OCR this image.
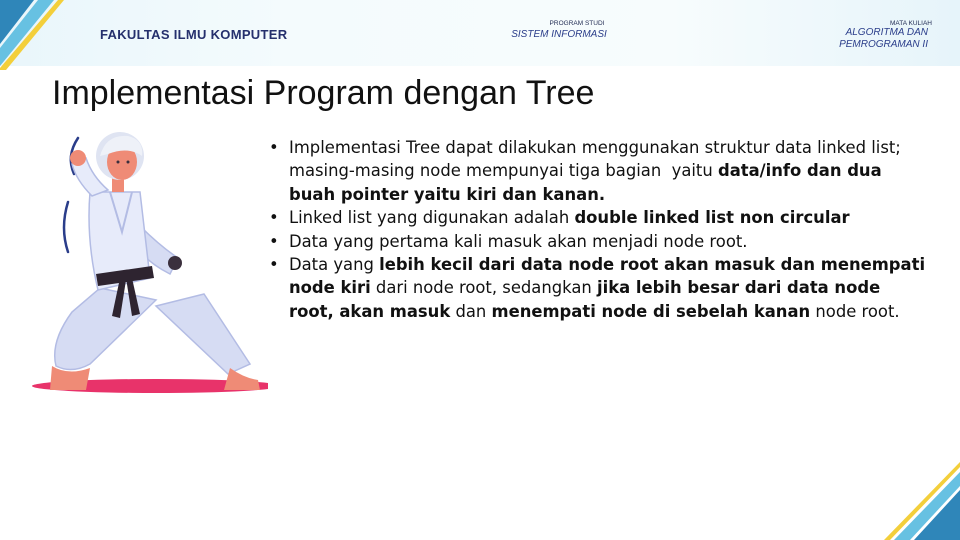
FAKULTAS ILMU KOMPUTER
PROGRAM STUDI
SISTEM INFORMASI
MATA KULIAH
ALGORITMA DAN
PEMROGRAMAN II
Implementasi Program dengan Tree
• Implementasi Tree dapat dilakukan menggunakan struktur data linked list; masing-masing node mempunyai tiga bagian  yaitu data/info dan dua buah pointer yaitu kiri dan kanan.
• Linked list yang digunakan adalah double linked list non circular
• Data yang pertama kali masuk akan menjadi node root.
• Data yang lebih kecil dari data node root akan masuk dan menempati node kiri dari node root, sedangkan jika lebih besar dari data node root, akan masuk dan menempati node di sebelah kanan node root.
